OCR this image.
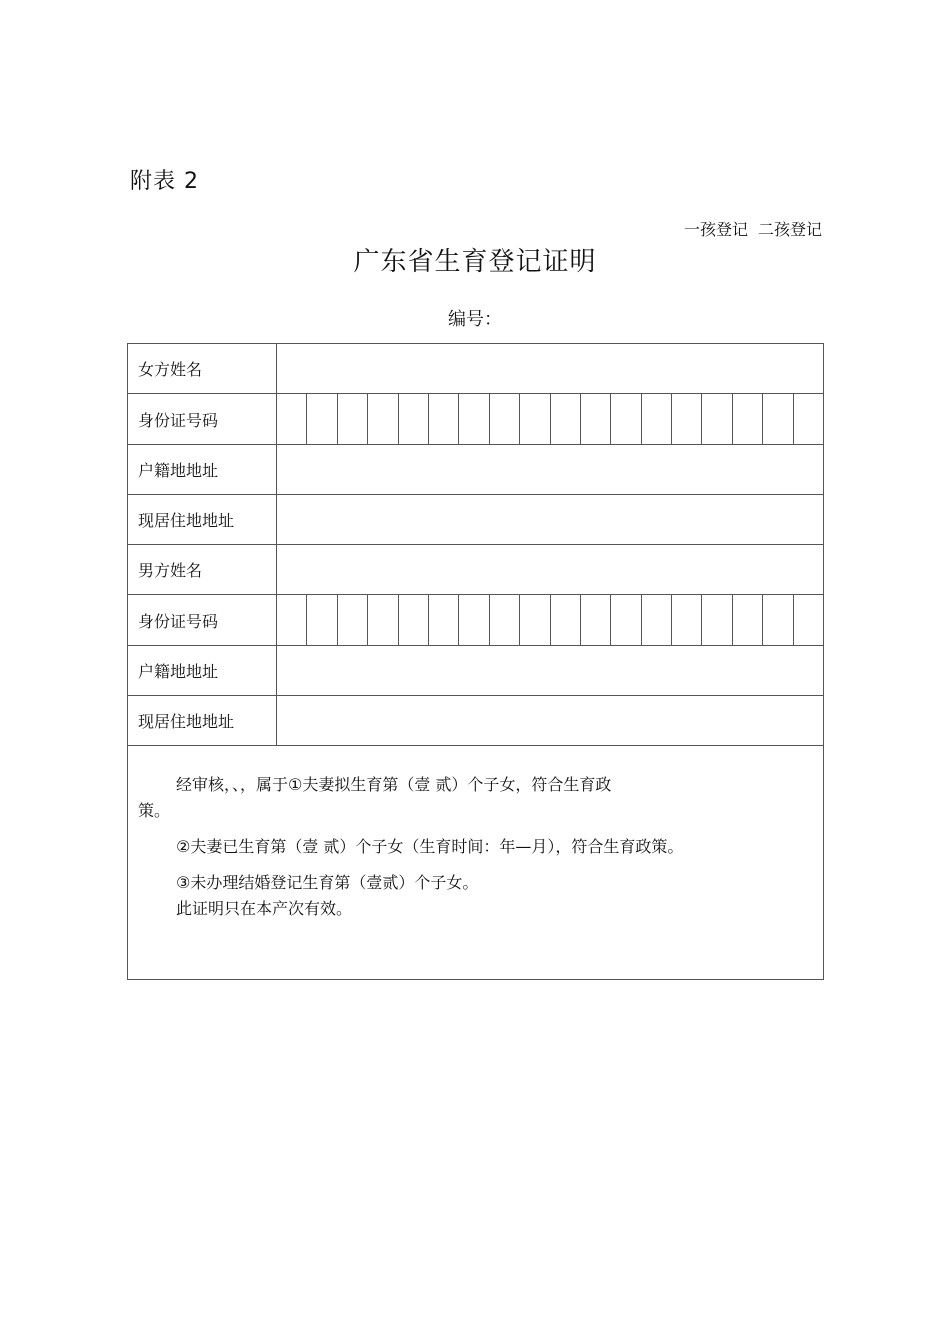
附表 2
一孩登记 二孩登记
广东省生育登记证明
编号：
女方姓名	
身份证号码	

户籍地地址	
现居住地地址	
男方姓名	
身份证号码	

户籍地地址	
现居住地地址	

经审核，、，属于①夫妻拟生育第（壹 贰）个子女，符合生育政策。

②夫妻已生育第（壹 贰）个子女（生育时间：年—月），符合生育政策。

③未办理结婚登记生育第（壹贰）个子女。

此证明只在本产次有效。	
